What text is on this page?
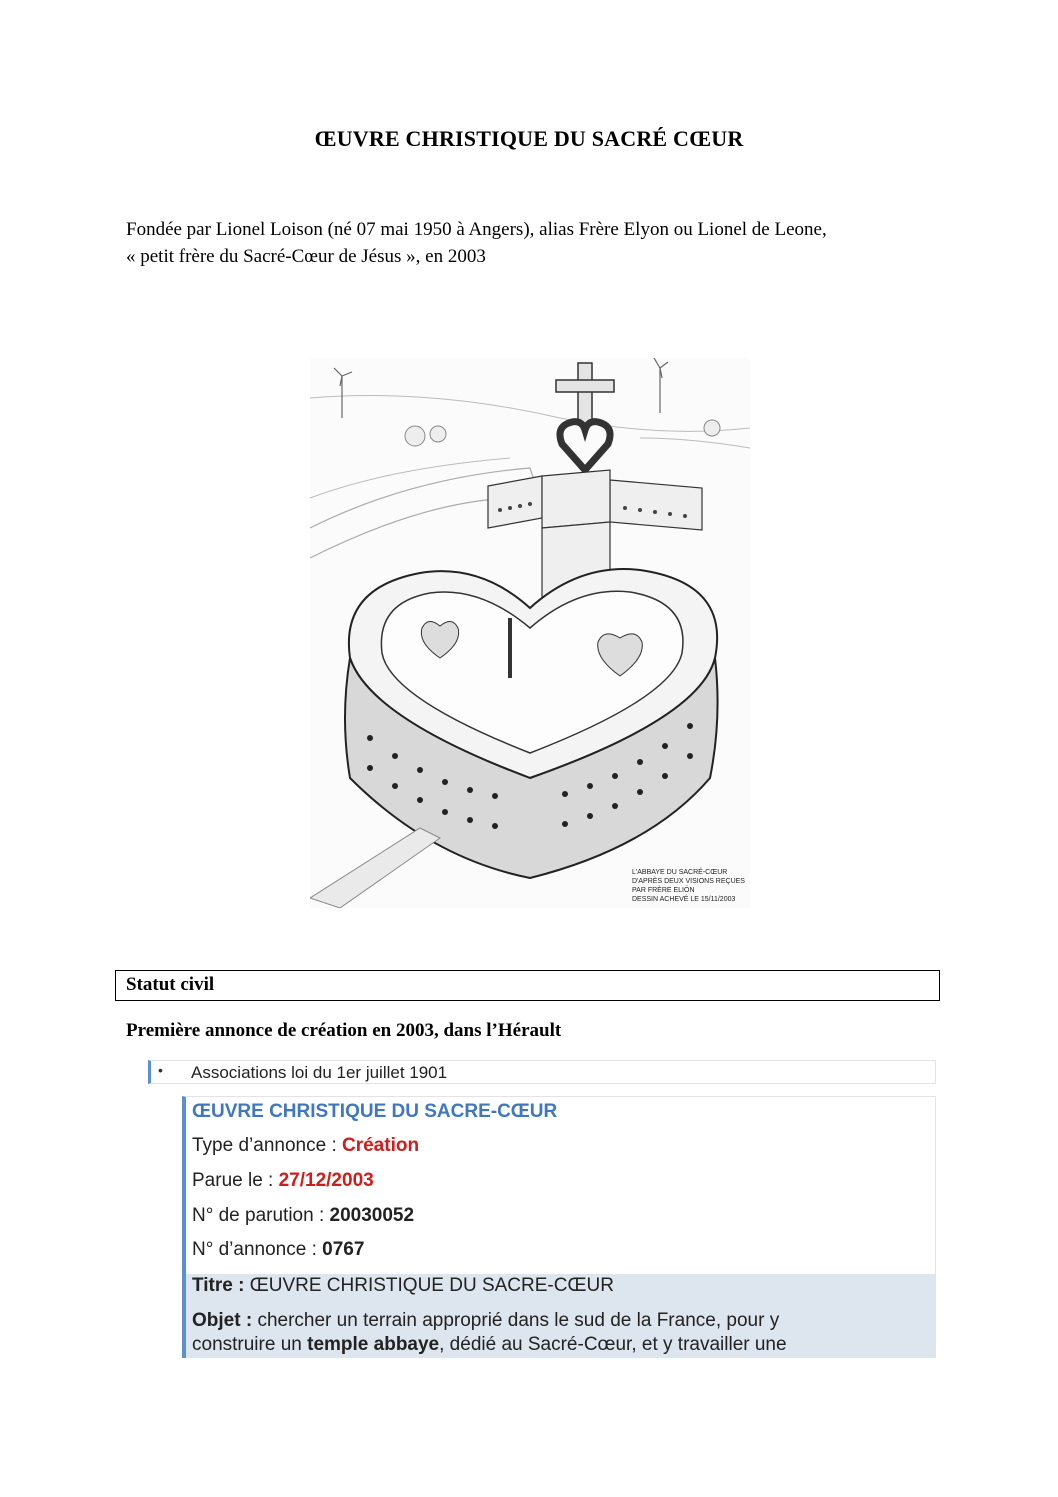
ŒUVRE CHRISTIQUE DU SACRÉ CŒUR
Fondée par Lionel Loison (né 07 mai 1950 à Angers), alias Frère Elyon ou Lionel de Leone,
« petit frère du Sacré-Cœur de Jésus », en 2003
L'ABBAYE DU SACRÉ-CŒUR
D'APRÈS DEUX VISIONS REÇUES
PAR FRÈRE ELIÖN
DESSIN ACHEVÉ LE 15/11/2003
Statut civil
Première annonce de création en 2003, dans l’Hérault
• Associations loi du 1er juillet 1901
ŒUVRE CHRISTIQUE DU SACRE-CŒUR
Type d’annonce : Création
Parue le : 27/12/2003
N° de parution : 20030052
N° d’annonce : 0767
Titre : ŒUVRE CHRISTIQUE DU SACRE-CŒUR
Objet : chercher un terrain approprié dans le sud de la France, pour y
construire un temple abbaye, dédié au Sacré-Cœur, et y travailler une
